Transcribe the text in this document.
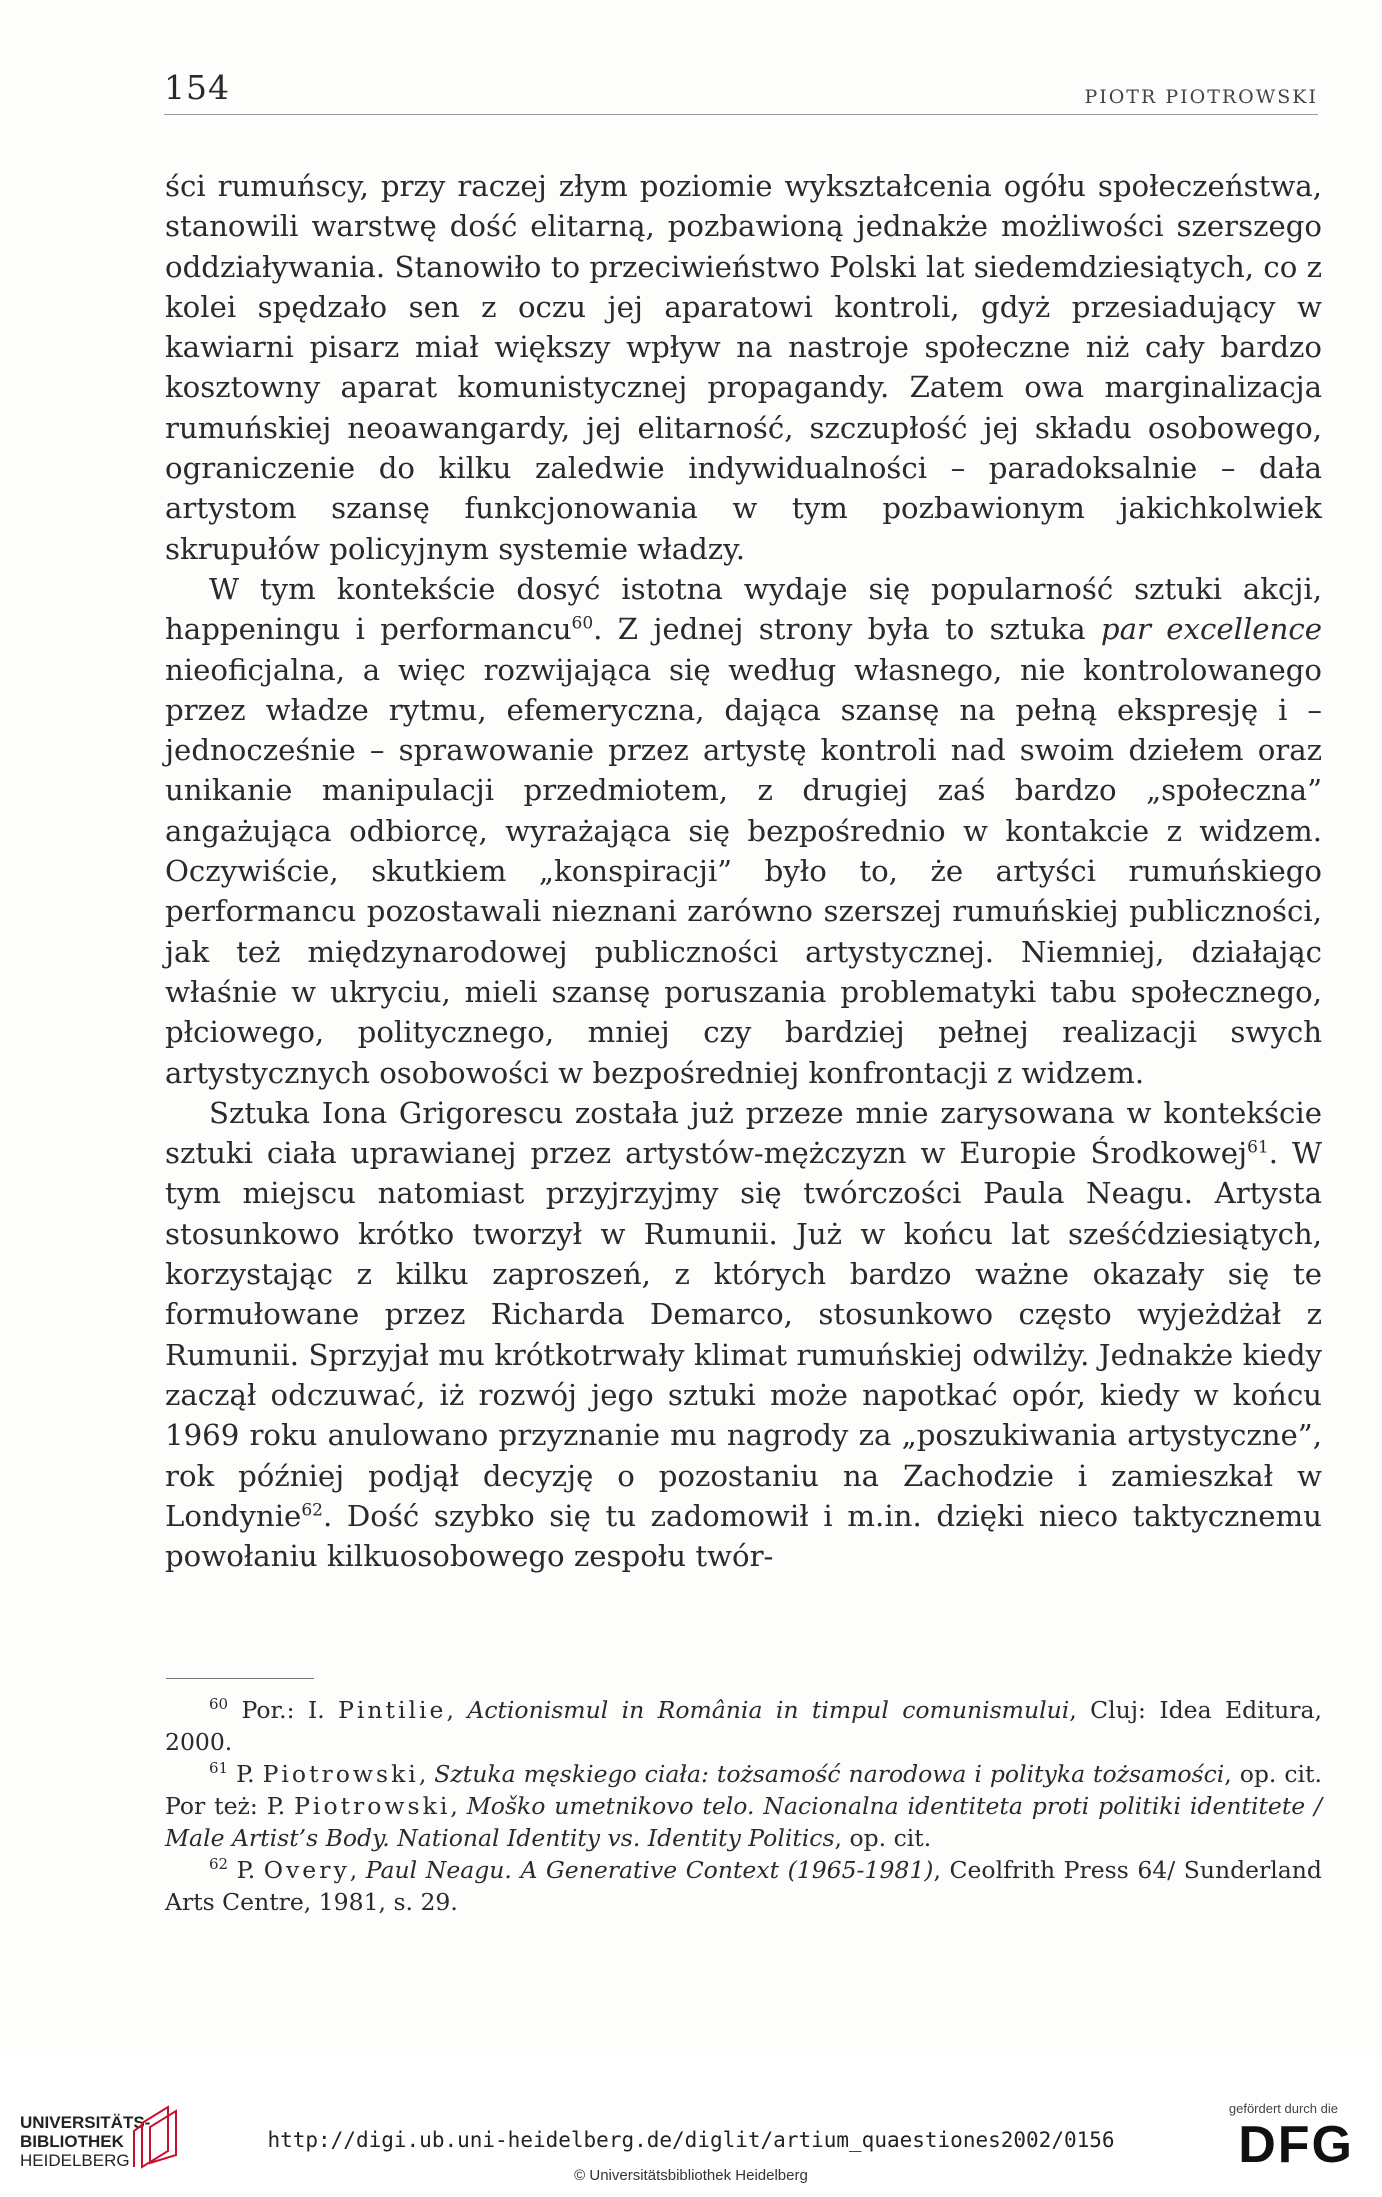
154	PIOTR PIOTROWSKI

ści rumuńscy, przy raczej złym poziomie wykształcenia ogółu społeczeństwa, stanowili warstwę dość elitarną, pozbawioną jednakże możliwości szerszego oddziaływania. Stanowiło to przeciwieństwo Polski lat siedemdziesiątych, co z kolei spędzało sen z oczu jej aparatowi kontroli, gdyż przesiadujący w kawiarni pisarz miał większy wpływ na nastroje społeczne niż cały bardzo kosztowny aparat komunistycznej propagandy. Zatem owa marginalizacja rumuńskiej neoawangardy, jej elitarność, szczupłość jej składu osobowego, ograniczenie do kilku zaledwie indywidualności – paradoksalnie – dała artystom szansę funkcjonowania w tym pozbawionym jakichkolwiek skrupułów policyjnym systemie władzy.

W tym kontekście dosyć istotna wydaje się popularność sztuki akcji, happeningu i performancu$^{60}$. Z jednej strony była to sztuka par excellence nieoficjalna, a więc rozwijająca się według własnego, nie kontrolowanego przez władze rytmu, efemeryczna, dająca szansę na pełną ekspresję i – jednocześnie – sprawowanie przez artystę kontroli nad swoim dziełem oraz unikanie manipulacji przedmiotem, z drugiej zaś bardzo „społeczna” angażująca odbiorcę, wyrażająca się bezpośrednio w kontakcie z widzem. Oczywiście, skutkiem „konspiracji” było to, że artyści rumuńskiego performancu pozostawali nieznani zarówno szerszej rumuńskiej publiczności, jak też międzynarodowej publiczności artystycznej. Niemniej, działając właśnie w ukryciu, mieli szansę poruszania problematyki tabu społecznego, płciowego, politycznego, mniej czy bardziej pełnej realizacji swych artystycznych osobowości w bezpośredniej konfrontacji z widzem.

Sztuka Iona Grigorescu została już przeze mnie zarysowana w kontekście sztuki ciała uprawianej przez artystów-mężczyzn w Europie Środkowej$^{61}$. W tym miejscu natomiast przyjrzyjmy się twórczości Paula Neagu. Artysta stosunkowo krótko tworzył w Rumunii. Już w końcu lat sześćdziesiątych, korzystając z kilku zaproszeń, z których bardzo ważne okazały się te formułowane przez Richarda Demarco, stosunkowo często wyjeżdżał z Rumunii. Sprzyjał mu krótkotrwały klimat rumuńskiej odwilży. Jednakże kiedy zaczął odczuwać, iż rozwój jego sztuki może napotkać opór, kiedy w końcu 1969 roku anulowano przyznanie mu nagrody za „poszukiwania artystyczne”, rok później podjął decyzję o pozostaniu na Zachodzie i zamieszkał w Londynie$^{62}$. Dość szybko się tu zadomowił i m.in. dzięki nieco taktycznemu powołaniu kilkuosobowego zespołu twór-

$^{60}$ Por.: I. Pintilie, Actionismul in România in timpul comunismului, Cluj: Idea Editura, 2000.

$^{61}$ P. Piotrowski, Sztuka męskiego ciała: tożsamość narodowa i polityka tożsamości, op. cit. Por też: P. Piotrowski, Moško umetnikovo telo. Nacionalna identiteta proti politiki identitete / Male Artist’s Body. National Identity vs. Identity Politics, op. cit.

$^{62}$ P. Overy, Paul Neagu. A Generative Context (1965-1981), Ceolfrith Press 64/ Sunderland Arts Centre, 1981, s. 29.

UNIVERSITÄTS-
BIBLIOTHEK
HEIDELBERG
http://digi.ub.uni-heidelberg.de/diglit/artium_quaestiones2002/0156
© Universitätsbibliothek Heidelberg
gefördert durch die
DFG
